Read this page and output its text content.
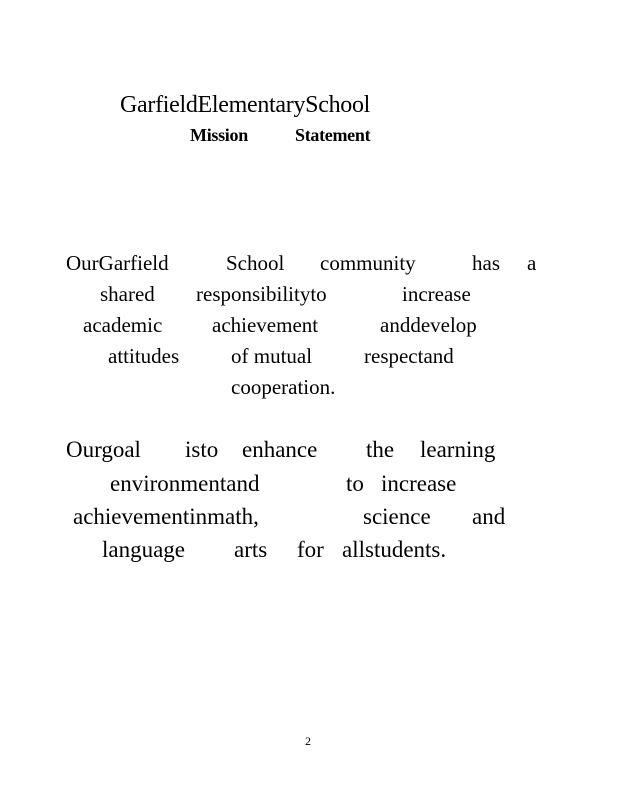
GarfieldElementarySchool
Mission	Statement
OurGarfield	School community	has a
shared responsibilityto	increase
academic achievement	anddevelop
attitudes of mutual respectand
cooperation.
Ourgoal isto enhance the learning
environmentand	to increase
achievementinmath,	science and
language arts for allstudents.
2
